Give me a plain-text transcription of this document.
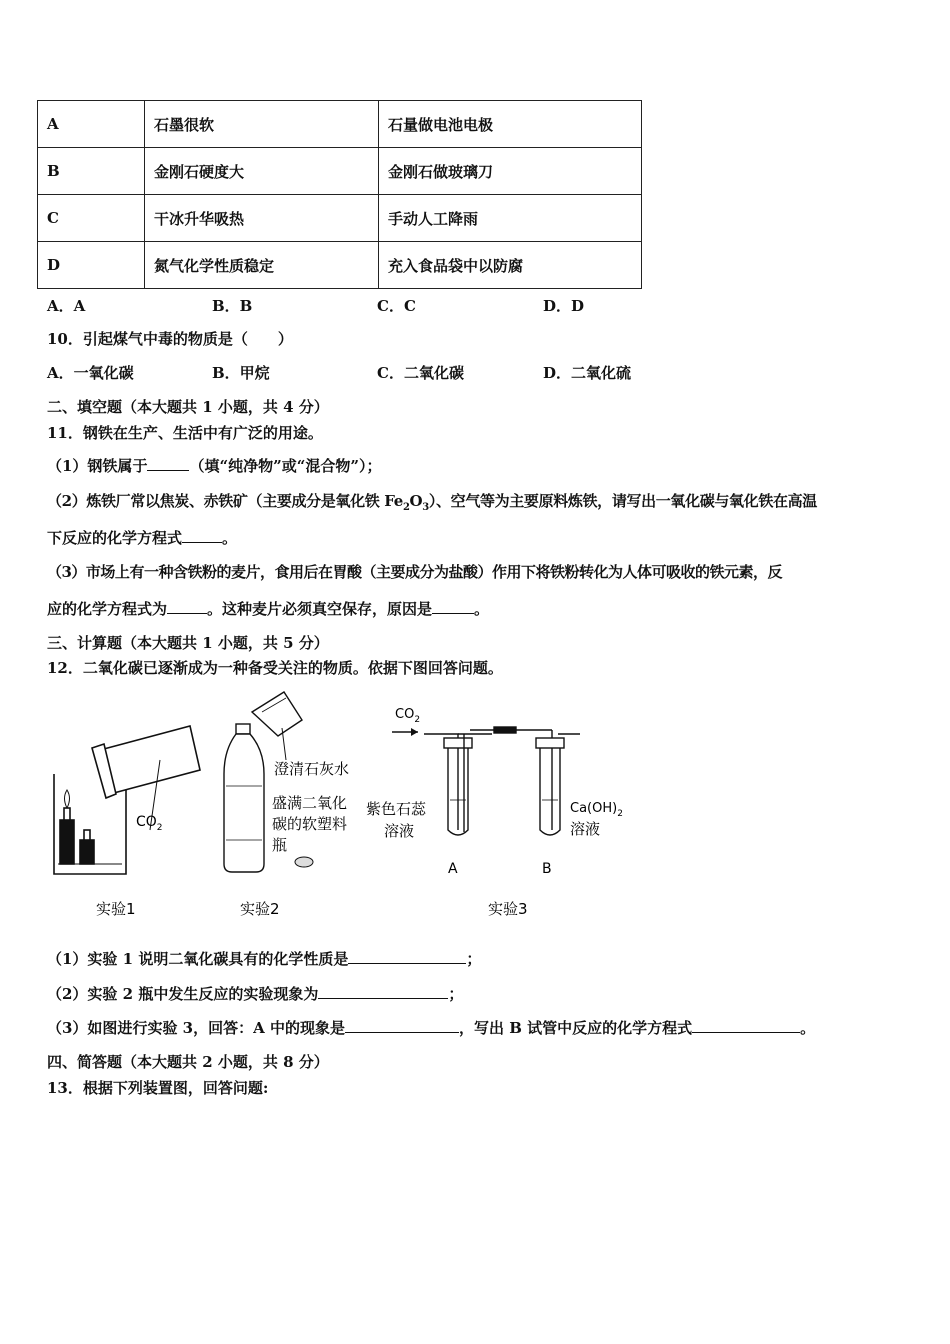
A	石墨很软	石量做电池电极
B	金刚石硬度大	金刚石做玻璃刀
C	干冰升华吸热	手动人工降雨
D	氮气化学性质稳定	充入食品袋中以防腐
A．A	B．B	C．C	D．D
10．引起煤气中毒的物质是（　　）
A．一氧化碳	B．甲烷	C．二氧化碳	D．二氧化硫
二、填空题（本大题共 1 小题，共 4 分）
11．钢铁在生产、生活中有广泛的用途。
（1）钢铁属于	（填“纯净物”或“混合物”）；
（2）炼铁厂常以焦炭、赤铁矿（主要成分是氧化铁 $Fe_2O_3$）、空气等为主要原料炼铁，请写出一氧化碳与氧化铁在高温
下反应的化学方程式	。
（3）市场上有一种含铁粉的麦片，食用后在胃酸（主要成分为盐酸）作用下将铁粉转化为人体可吸收的铁元素，反
应的化学方程式为	。这种麦片必须真空保存，原因是	。
三、计算题（本大题共 1 小题，共 5 分）
12．二氧化碳已逐渐成为一种备受关注的物质。依据下图回答问题。
$CO_2$
澄清石灰水
盛满二氧化
碳的软塑料
瓶
$CO_2$
紫色石蕊
溶液
$Ca(OH)_2$
溶液
A	B
实验1	实验2	实验3
（1）实验 1 说明二氧化碳具有的化学性质是	；
（2）实验 2 瓶中发生反应的实验现象为	；
（3）如图进行实验 3，回答：A 中的现象是	，写出 B 试管中反应的化学方程式	。
四、简答题（本大题共 2 小题，共 8 分）
13．根据下列装置图，回答问题:
